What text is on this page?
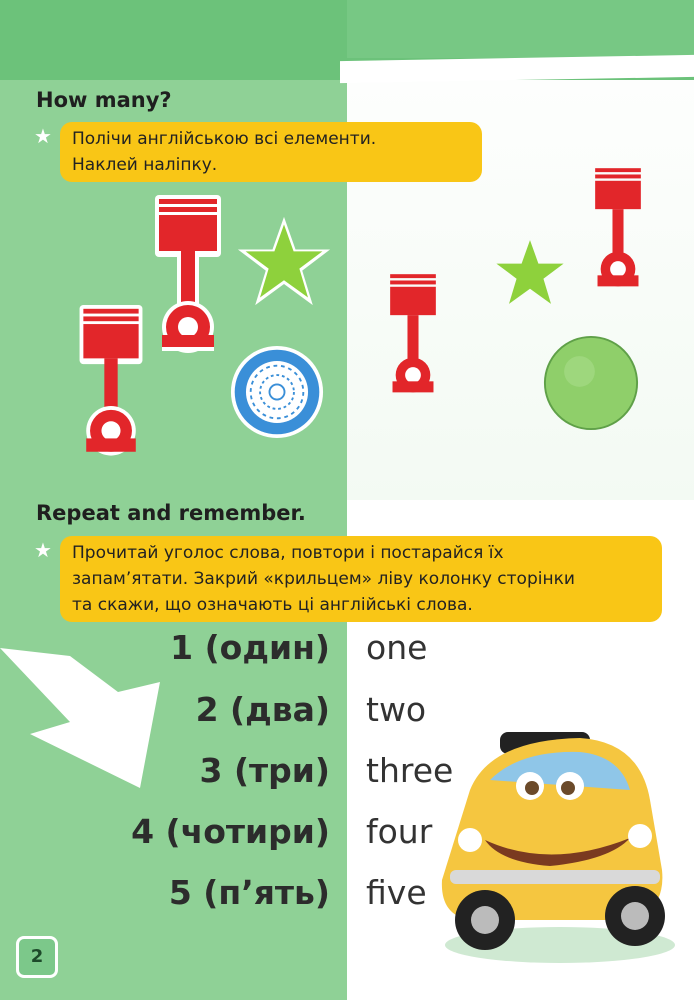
How many?
★ Полічи англійською всі елементи.
Наклей наліпку.
Repeat and remember.
★ Прочитай уголос слова, повтори і постарайся їх
запам’ятати. Закрий «крильцем» ліву колонку сторінки
та скажи, що означають ці англійські слова.
1 (один) one
2 (два) two
3 (три) three
4 (чотири) four
5 (п’ять) five
2
